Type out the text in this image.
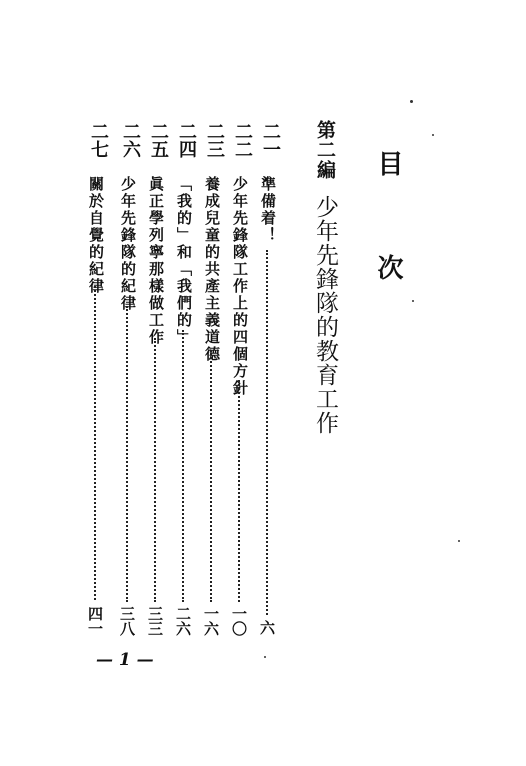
目　次
第二編
少年先鋒隊的教育工作
二一
準備着！
六
二二
少年先鋒隊工作上的四個方針
一〇
二三
養成兒童的共產主義道德
一六
二四
「我的」和「我們的」
二六
二五
眞正學列寧那樣做工作
三三
二六
少年先鋒隊的紀律
三八
二七
關於自覺的紀律
四一
— 1 —
